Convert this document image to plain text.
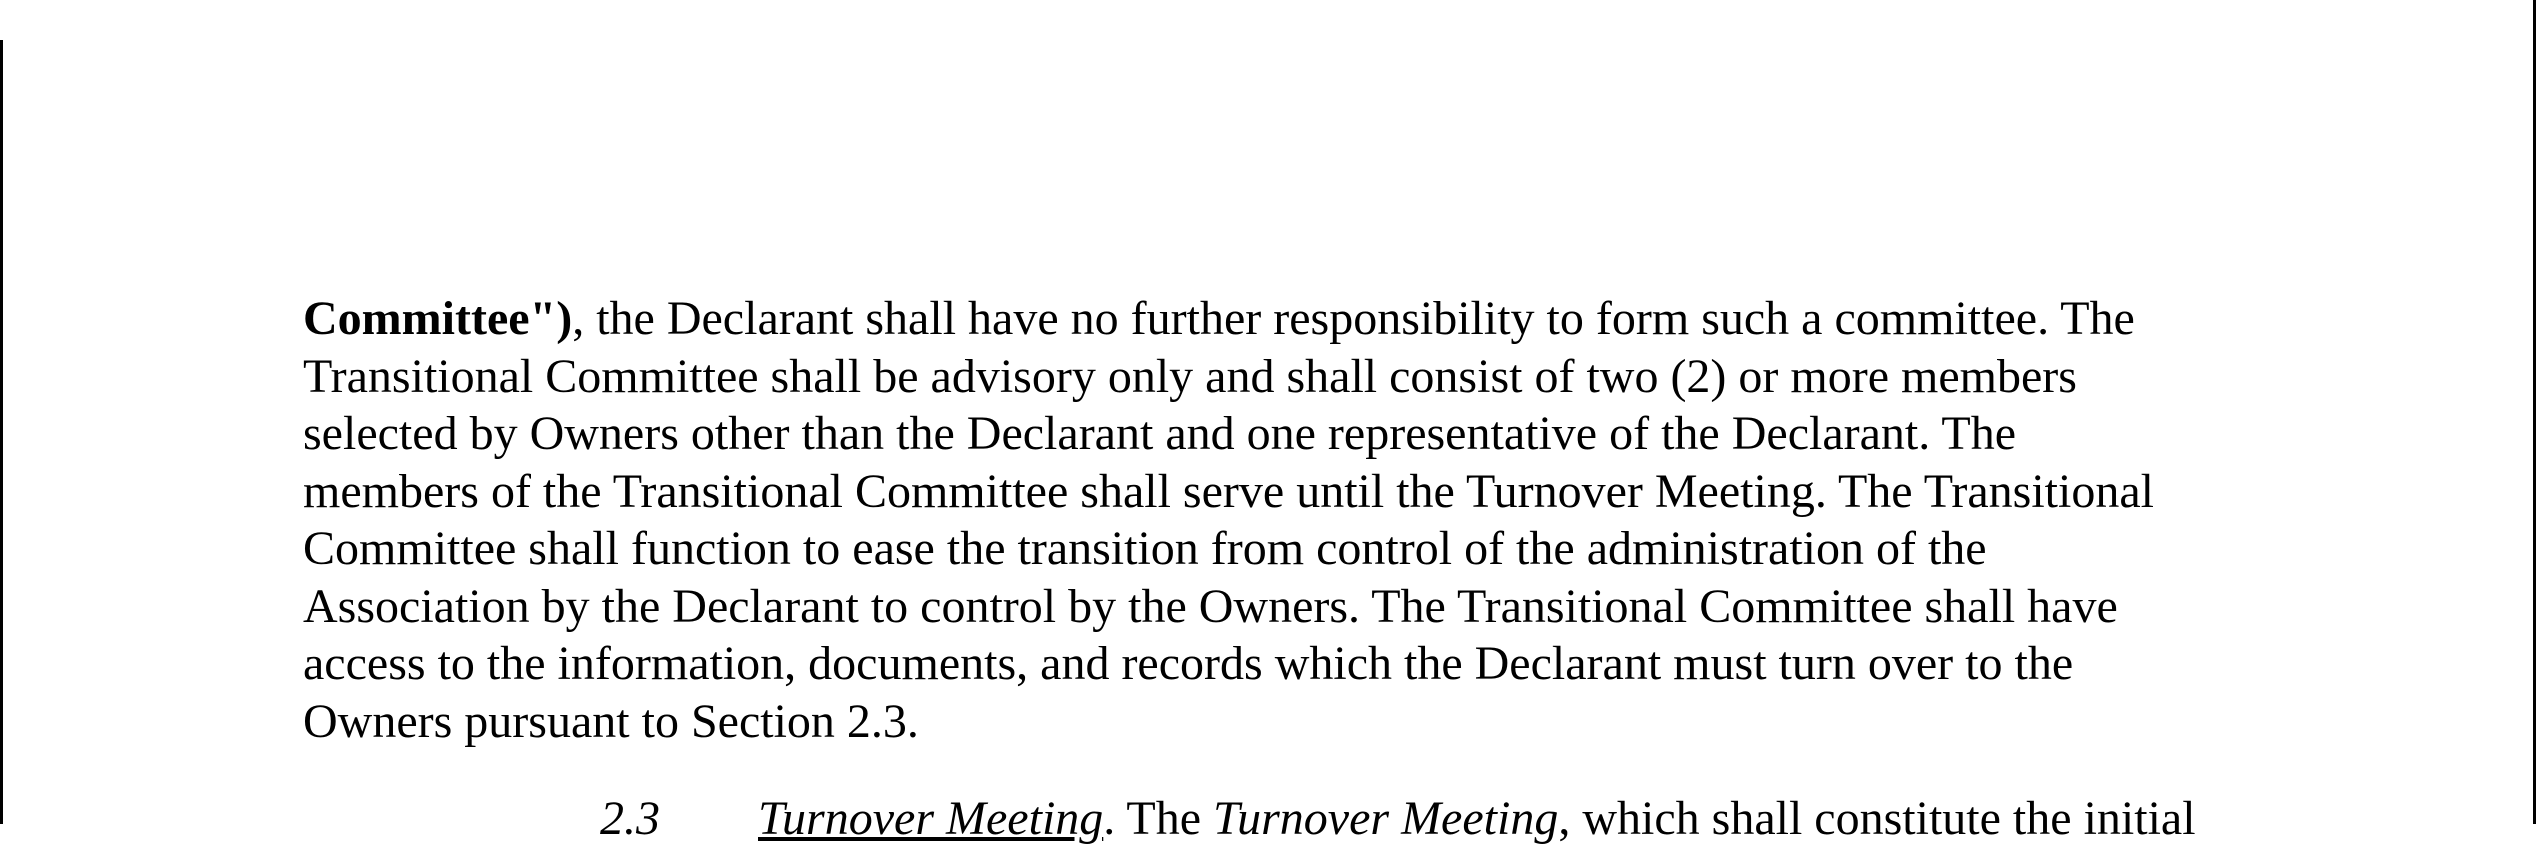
Committee"), the Declarant shall have no further responsibility to form such a committee. The
Transitional Committee shall be advisory only and shall consist of two (2) or more members
selected by Owners other than the Declarant and one representative of the Declarant. The
members of the Transitional Committee shall serve until the Turnover Meeting. The Transitional
Committee shall function to ease the transition from control of the administration of the
Association by the Declarant to control by the Owners. The Transitional Committee shall have
access to the information, documents, and records which the Declarant must turn over to the
Owners pursuant to Section 2.3.

2.3 Turnover Meeting. The Turnover Meeting, which shall constitute the initial
